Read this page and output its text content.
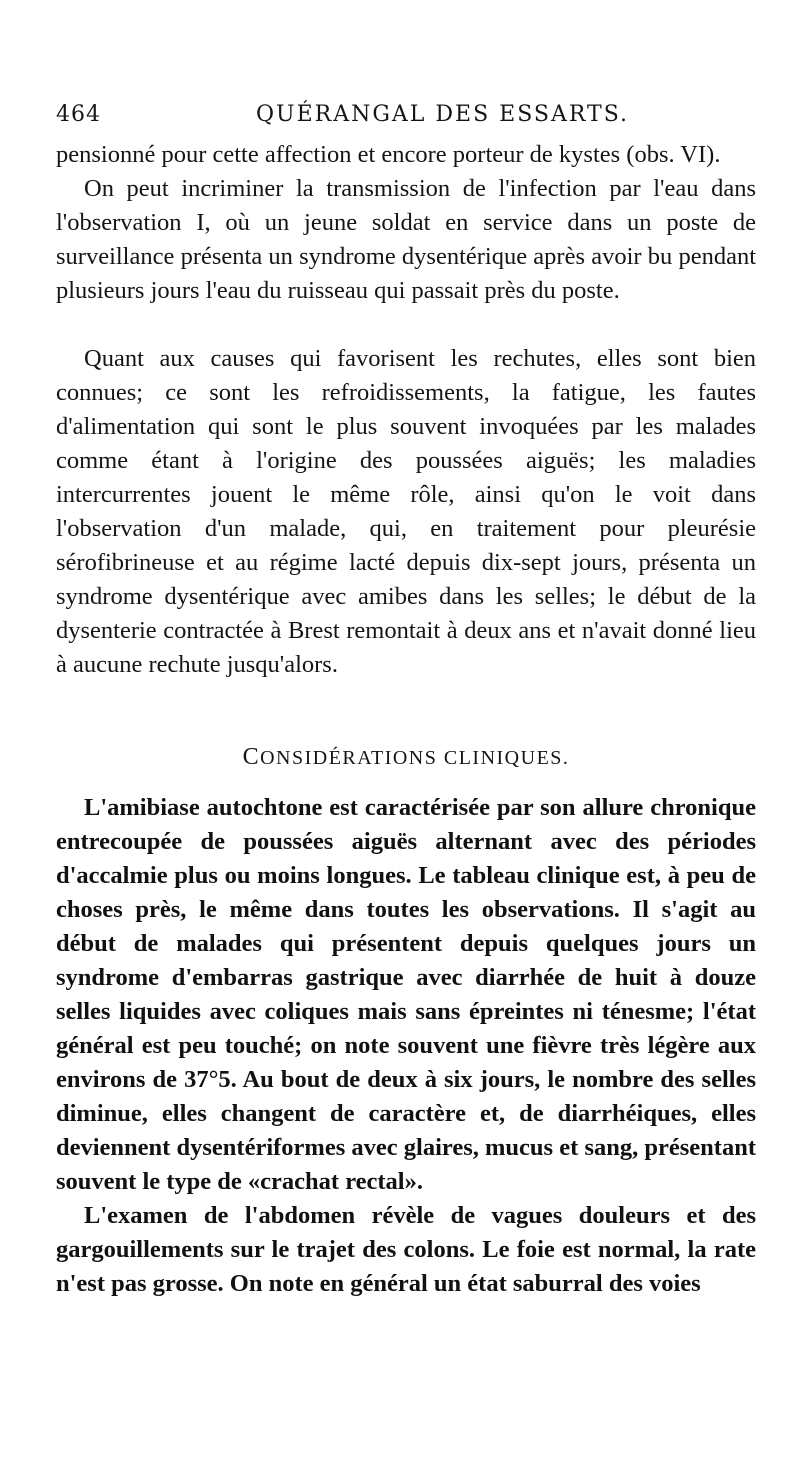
464	QUÉRANGAL DES ESSARTS.

pensionné pour cette affection et encore porteur de kystes (obs. VI).

On peut incriminer la transmission de l'infection par l'eau dans l'observation I, où un jeune soldat en service dans un poste de surveillance présenta un syndrome dysentérique après avoir bu pendant plusieurs jours l'eau du ruisseau qui passait près du poste.

Quant aux causes qui favorisent les rechutes, elles sont bien connues; ce sont les refroidissements, la fatigue, les fautes d'alimentation qui sont le plus souvent invoquées par les malades comme étant à l'origine des poussées aiguës; les maladies intercurrentes jouent le même rôle, ainsi qu'on le voit dans l'observation d'un malade, qui, en traitement pour pleurésie sérofibrineuse et au régime lacté depuis dix-sept jours, présenta un syndrome dysentérique avec amibes dans les selles; le début de la dysenterie contractée à Brest remontait à deux ans et n'avait donné lieu à aucune rechute jusqu'alors.

CONSIDÉRATIONS CLINIQUES.

L'amibiase autochtone est caractérisée par son allure chronique entrecoupée de poussées aiguës alternant avec des périodes d'accalmie plus ou moins longues. Le tableau clinique est, à peu de choses près, le même dans toutes les observations. Il s'agit au début de malades qui présentent depuis quelques jours un syndrome d'embarras gastrique avec diarrhée de huit à douze selles liquides avec coliques mais sans épreintes ni ténesme; l'état général est peu touché; on note souvent une fièvre très légère aux environs de 37°5. Au bout de deux à six jours, le nombre des selles diminue, elles changent de caractère et, de diarrhéiques, elles deviennent dysentériformes avec glaires, mucus et sang, présentant souvent le type de «crachat rectal».

L'examen de l'abdomen révèle de vagues douleurs et des gargouillements sur le trajet des colons. Le foie est normal, la rate n'est pas grosse. On note en général un état saburral des voies
